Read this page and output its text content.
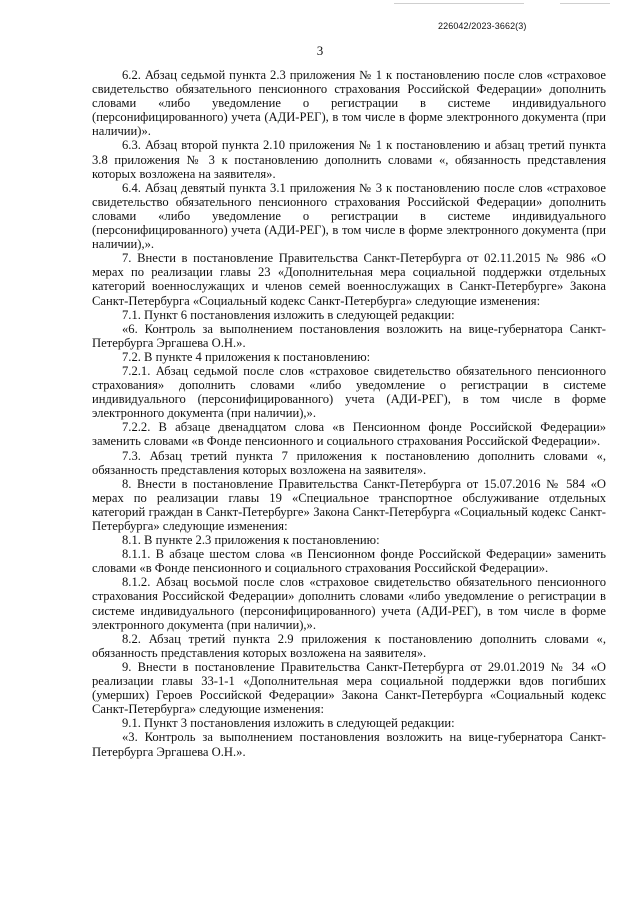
226042/2023-3662(3)
3

6.2. Абзац седьмой пункта 2.3 приложения № 1 к постановлению после слов «страховое свидетельство обязательного пенсионного страхования Российской Федерации» дополнить словами «либо уведомление о регистрации в системе индивидуального (персонифицированного) учета (АДИ-РЕГ), в том числе в форме электронного документа (при наличии)».

6.3. Абзац второй пункта 2.10 приложения № 1 к постановлению и абзац третий пункта 3.8 приложения № 3 к постановлению дополнить словами «, обязанность представления которых возложена на заявителя».

6.4. Абзац девятый пункта 3.1 приложения № 3 к постановлению после слов «страховое свидетельство обязательного пенсионного страхования Российской Федерации» дополнить словами «либо уведомление о регистрации в системе индивидуального (персонифицированного) учета (АДИ-РЕГ), в том числе в форме электронного документа (при наличии),».

7. Внести в постановление Правительства Санкт-Петербурга от 02.11.2015 № 986 «О мерах по реализации главы 23 «Дополнительная мера социальной поддержки отдельных категорий военнослужащих и членов семей военнослужащих в Санкт-Петербурге» Закона Санкт-Петербурга «Социальный кодекс Санкт-Петербурга» следующие изменения:

7.1. Пункт 6 постановления изложить в следующей редакции:

«6. Контроль за выполнением постановления возложить на вице-губернатора Санкт-Петербурга Эргашева О.Н.».

7.2. В пункте 4 приложения к постановлению:

7.2.1. Абзац седьмой после слов «страховое свидетельство обязательного пенсионного страхования» дополнить словами «либо уведомление о регистрации в системе индивидуального (персонифицированного) учета (АДИ-РЕГ), в том числе в форме электронного документа (при наличии),».

7.2.2. В абзаце двенадцатом слова «в Пенсионном фонде Российской Федерации» заменить словами «в Фонде пенсионного и социального страхования Российской Федерации».

7.3. Абзац третий пункта 7 приложения к постановлению дополнить словами «, обязанность представления которых возложена на заявителя».

8. Внести в постановление Правительства Санкт-Петербурга от 15.07.2016 № 584 «О мерах по реализации главы 19 «Специальное транспортное обслуживание отдельных категорий граждан в Санкт-Петербурге» Закона Санкт-Петербурга «Социальный кодекс Санкт-Петербурга» следующие изменения:

8.1. В пункте 2.3 приложения к постановлению:

8.1.1. В абзаце шестом слова «в Пенсионном фонде Российской Федерации» заменить словами «в Фонде пенсионного и социального страхования Российской Федерации».

8.1.2. Абзац восьмой после слов «страховое свидетельство обязательного пенсионного страхования Российской Федерации» дополнить словами «либо уведомление о регистрации в системе индивидуального (персонифицированного) учета (АДИ-РЕГ), в том числе в форме электронного документа (при наличии),».

8.2. Абзац третий пункта 2.9 приложения к постановлению дополнить словами «, обязанность представления которых возложена на заявителя».

9. Внести в постановление Правительства Санкт-Петербурга от 29.01.2019 № 34 «О реализации главы 33-1-1 «Дополнительная мера социальной поддержки вдов погибших (умерших) Героев Российской Федерации» Закона Санкт-Петербурга «Социальный кодекс Санкт-Петербурга» следующие изменения:

9.1. Пункт 3 постановления изложить в следующей редакции:

«3. Контроль за выполнением постановления возложить на вице-губернатора Санкт-Петербурга Эргашева О.Н.».
